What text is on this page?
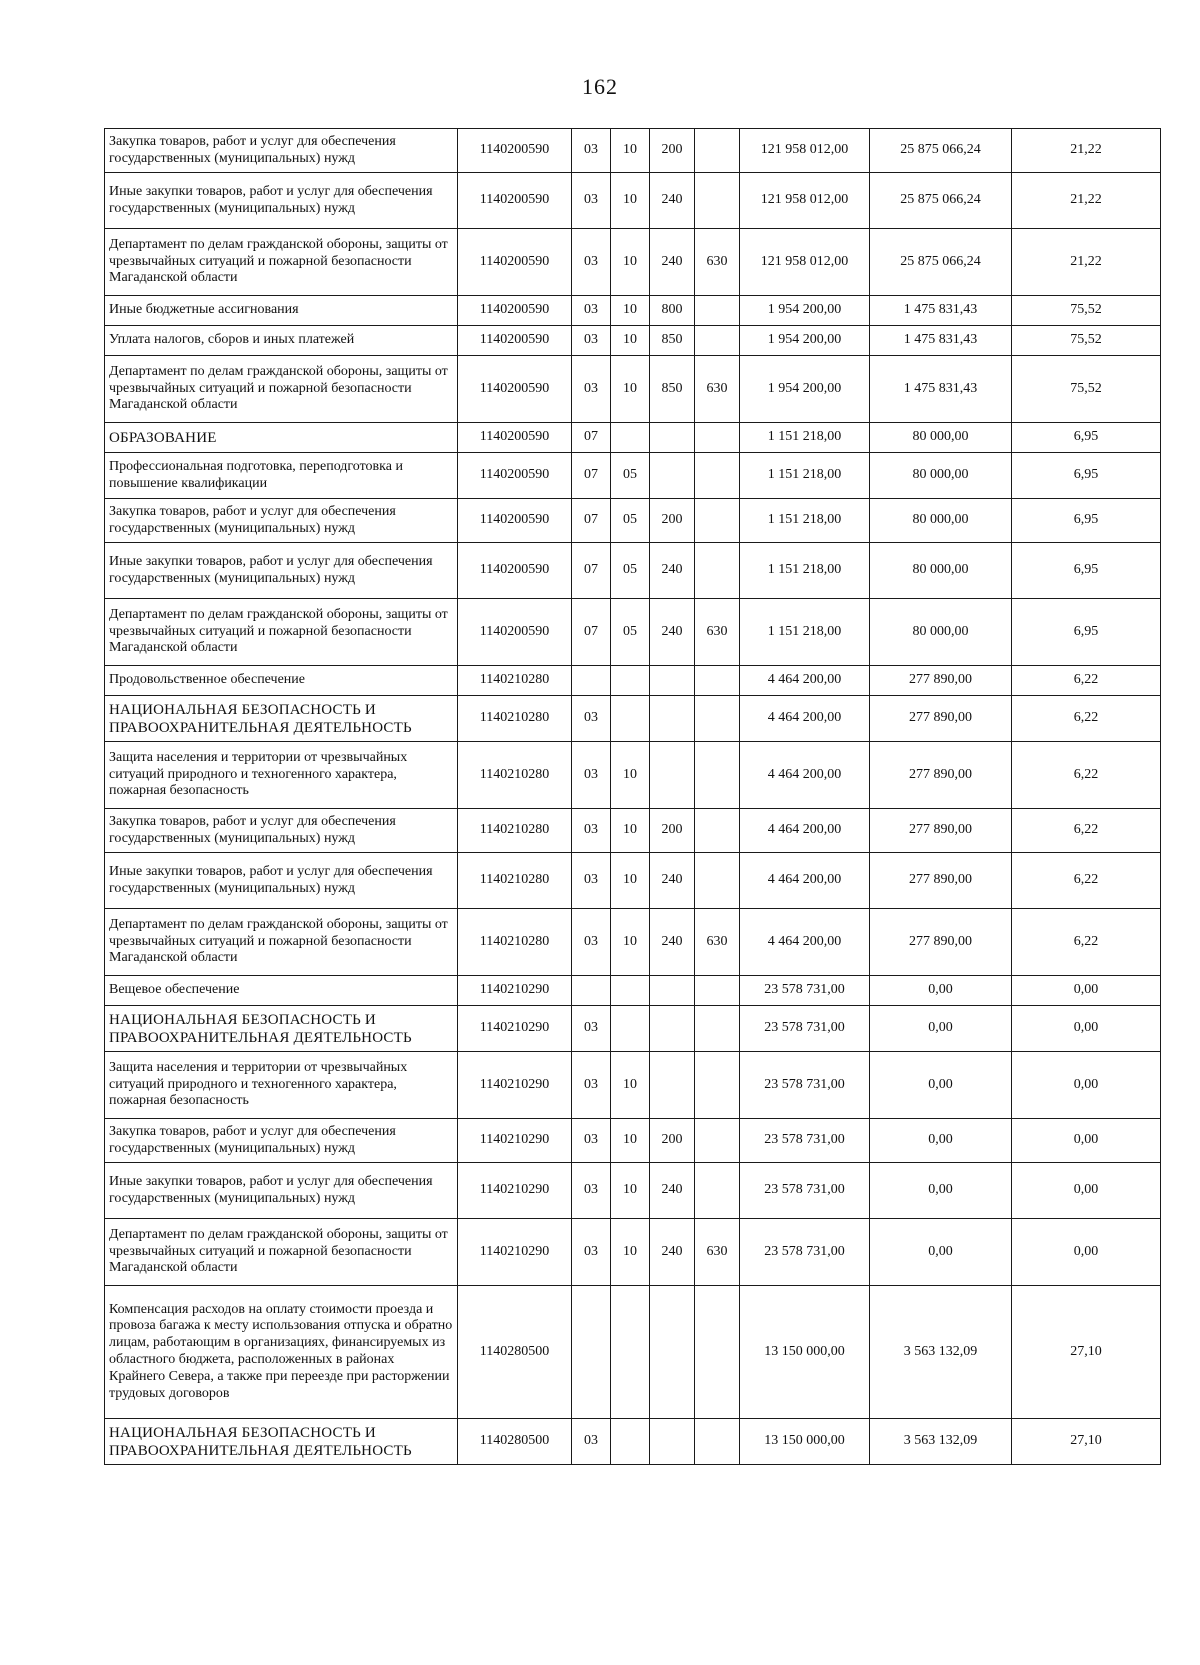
162
Закупка товаров, работ и услуг для обеспечения государственных (муниципальных) нужд	1140200590	03	10	200		121 958 012,00	25 875 066,24	21,22
Иные закупки товаров, работ и услуг для обеспечения государственных (муниципальных) нужд	1140200590	03	10	240		121 958 012,00	25 875 066,24	21,22
Департамент по делам гражданской обороны, защиты от чрезвычайных ситуаций и пожарной безопасности Магаданской области	1140200590	03	10	240	630	121 958 012,00	25 875 066,24	21,22
Иные бюджетные ассигнования	1140200590	03	10	800		1 954 200,00	1 475 831,43	75,52
Уплата налогов, сборов и иных платежей	1140200590	03	10	850		1 954 200,00	1 475 831,43	75,52
Департамент по делам гражданской обороны, защиты от чрезвычайных ситуаций и пожарной безопасности Магаданской области	1140200590	03	10	850	630	1 954 200,00	1 475 831,43	75,52
ОБРАЗОВАНИЕ	1140200590	07				1 151 218,00	80 000,00	6,95
Профессиональная подготовка, переподготовка и повышение квалификации	1140200590	07	05			1 151 218,00	80 000,00	6,95
Закупка товаров, работ и услуг для обеспечения государственных (муниципальных) нужд	1140200590	07	05	200		1 151 218,00	80 000,00	6,95
Иные закупки товаров, работ и услуг для обеспечения государственных (муниципальных) нужд	1140200590	07	05	240		1 151 218,00	80 000,00	6,95
Департамент по делам гражданской обороны, защиты от чрезвычайных ситуаций и пожарной безопасности Магаданской области	1140200590	07	05	240	630	1 151 218,00	80 000,00	6,95
Продовольственное обеспечение	1140210280					4 464 200,00	277 890,00	6,22
НАЦИОНАЛЬНАЯ БЕЗОПАСНОСТЬ И ПРАВООХРАНИТЕЛЬНАЯ ДЕЯТЕЛЬНОСТЬ	1140210280	03				4 464 200,00	277 890,00	6,22
Защита населения и территории от чрезвычайных ситуаций природного и техногенного характера, пожарная безопасность	1140210280	03	10			4 464 200,00	277 890,00	6,22
Закупка товаров, работ и услуг для обеспечения государственных (муниципальных) нужд	1140210280	03	10	200		4 464 200,00	277 890,00	6,22
Иные закупки товаров, работ и услуг для обеспечения государственных (муниципальных) нужд	1140210280	03	10	240		4 464 200,00	277 890,00	6,22
Департамент по делам гражданской обороны, защиты от чрезвычайных ситуаций и пожарной безопасности Магаданской области	1140210280	03	10	240	630	4 464 200,00	277 890,00	6,22
Вещевое обеспечение	1140210290					23 578 731,00	0,00	0,00
НАЦИОНАЛЬНАЯ БЕЗОПАСНОСТЬ И ПРАВООХРАНИТЕЛЬНАЯ ДЕЯТЕЛЬНОСТЬ	1140210290	03				23 578 731,00	0,00	0,00
Защита населения и территории от чрезвычайных ситуаций природного и техногенного характера, пожарная безопасность	1140210290	03	10			23 578 731,00	0,00	0,00
Закупка товаров, работ и услуг для обеспечения государственных (муниципальных) нужд	1140210290	03	10	200		23 578 731,00	0,00	0,00
Иные закупки товаров, работ и услуг для обеспечения государственных (муниципальных) нужд	1140210290	03	10	240		23 578 731,00	0,00	0,00
Департамент по делам гражданской обороны, защиты от чрезвычайных ситуаций и пожарной безопасности Магаданской области	1140210290	03	10	240	630	23 578 731,00	0,00	0,00
Компенсация расходов на оплату стоимости проезда и провоза багажа к месту использования отпуска и обратно лицам, работающим в организациях, финансируемых из областного бюджета, расположенных в районах Крайнего Севера, а также при переезде при расторжении трудовых договоров	1140280500					13 150 000,00	3 563 132,09	27,10
НАЦИОНАЛЬНАЯ БЕЗОПАСНОСТЬ И ПРАВООХРАНИТЕЛЬНАЯ ДЕЯТЕЛЬНОСТЬ	1140280500	03				13 150 000,00	3 563 132,09	27,10
